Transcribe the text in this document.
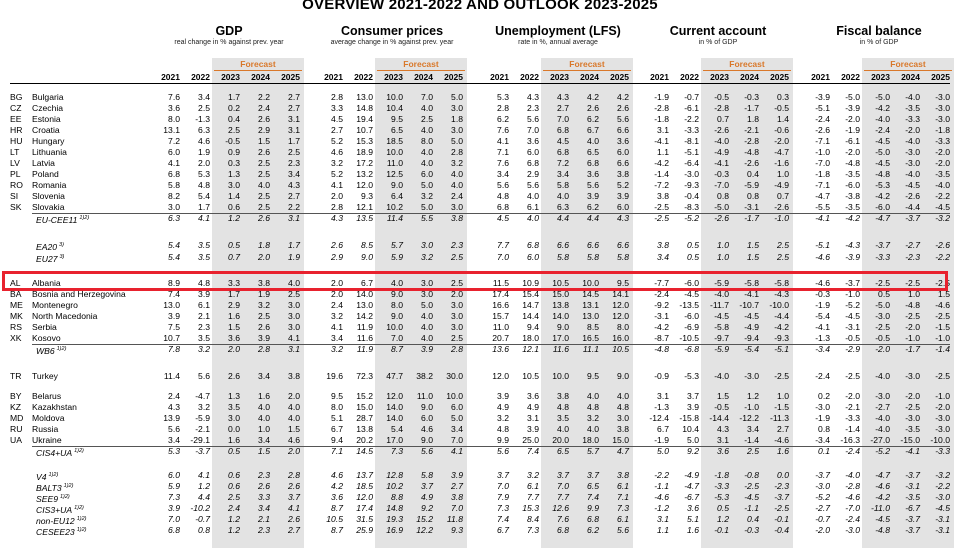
OVERVIEW 2021-2022 AND OUTLOOK 2023-2025
GDP
real change in % against prev. year
Forecast
2021	2022	2023	2024	2025
Consumer prices
average change in % against prev. year
Forecast
2021	2022	2023	2024	2025
Unemployment (LFS)
rate in %, annual average
Forecast
2021	2022	2023	2024	2025
Current account
in % of GDP
Forecast
2021	2022	2023	2024	2025
Fiscal balance
in % of GDP
Forecast
2021	2022	2023	2024	2025
BG	Bulgaria	7.6	3.4	1.7	2.2	2.7	2.8	13.0	10.0	7.0	5.0	5.3	4.3	4.3	4.2	4.2	-1.9	-0.7	-0.5	-0.3	0.3	-3.9	-5.0	-5.0	-4.0	-3.0
CZ	Czechia	3.6	2.5	0.2	2.4	2.7	3.3	14.8	10.4	4.0	3.0	2.8	2.3	2.7	2.6	2.6	-2.8	-6.1	-2.8	-1.7	-0.5	-5.1	-3.9	-4.2	-3.5	-3.0
EE	Estonia	8.0	-1.3	0.4	2.6	3.1	4.5	19.4	9.5	2.5	1.8	6.2	5.6	7.0	6.2	5.6	-1.8	-2.2	0.7	1.8	1.4	-2.4	-2.0	-4.0	-3.3	-3.0
HR	Croatia	13.1	6.3	2.5	2.9	3.1	2.7	10.7	6.5	4.0	3.0	7.6	7.0	6.8	6.7	6.6	3.1	-3.3	-2.6	-2.1	-0.6	-2.6	-1.9	-2.4	-2.0	-1.8
HU	Hungary	7.2	4.6	-0.5	1.5	1.7	5.2	15.3	18.5	8.0	5.0	4.1	3.6	4.5	4.0	3.6	-4.1	-8.1	-4.0	-2.8	-2.0	-7.1	-6.1	-4.5	-4.0	-3.3
LT	Lithuania	6.0	1.9	0.9	2.6	2.5	4.6	18.9	10.0	4.0	2.8	7.1	6.0	6.8	6.5	6.0	1.1	-5.1	-4.9	-4.8	-4.7	-1.0	-2.0	-5.0	-3.0	-2.0
LV	Latvia	4.1	2.0	0.3	2.5	2.3	3.2	17.2	11.0	4.0	3.2	7.6	6.8	7.2	6.8	6.6	-4.2	-6.4	-4.1	-2.6	-1.6	-7.0	-4.8	-4.5	-3.0	-2.0
PL	Poland	6.8	5.3	1.3	2.5	3.4	5.2	13.2	12.5	6.0	4.0	3.4	2.9	3.4	3.6	3.8	-1.4	-3.0	-0.3	0.4	1.0	-1.8	-3.5	-4.8	-4.0	-3.5
RO	Romania	5.8	4.8	3.0	4.0	4.3	4.1	12.0	9.0	5.0	4.0	5.6	5.6	5.8	5.6	5.2	-7.2	-9.3	-7.0	-5.9	-4.9	-7.1	-6.0	-5.3	-4.5	-4.0
SI	Slovenia	8.2	5.4	1.4	2.5	2.7	2.0	9.3	6.4	3.2	2.4	4.8	4.0	4.0	3.9	3.9	3.8	-0.4	0.8	0.8	0.7	-4.7	-3.8	-4.2	-2.6	-2.2
SK	Slovakia	3.0	1.7	0.6	2.5	2.2	2.8	12.1	10.2	5.0	3.0	6.8	6.1	6.3	6.2	6.0	-2.5	-8.3	-5.0	-3.1	-2.6	-5.5	-3.5	-6.0	-4.4	-4.5
EU-CEE11 $^{1)2)}$	6.3	4.1	1.2	2.6	3.1	4.3	13.5	11.4	5.5	3.8	4.5	4.0	4.4	4.4	4.3	-2.5	-5.2	-2.6	-1.7	-1.0	-4.1	-4.2	-4.7	-3.7	-3.2
EA20 $^{3)}$	5.4	3.5	0.5	1.8	1.7	2.6	8.5	5.7	3.0	2.3	7.7	6.8	6.6	6.6	6.6	3.8	0.5	1.0	1.5	2.5	-5.1	-4.3	-3.7	-2.7	-2.6
EU27 $^{3)}$	5.4	3.5	0.7	2.0	1.9	2.9	9.0	5.9	3.2	2.5	7.0	6.0	5.8	5.8	5.8	3.4	0.5	1.0	1.5	2.5	-4.6	-3.9	-3.3	-2.3	-2.2
AL	Albania	8.9	4.8	3.3	3.8	4.0	2.0	6.7	4.0	3.0	2.5	11.5	10.9	10.5	10.0	9.5	-7.7	-6.0	-5.9	-5.8	-5.8	-4.6	-3.7	-2.5	-2.5	-2.5
BA	Bosnia and Herzegovina	7.4	3.9	1.7	1.9	2.5	2.0	14.0	9.0	3.0	2.0	17.4	15.4	15.0	14.5	14.1	-2.4	-4.5	-4.0	-4.1	-4.3	-0.3	-1.0	0.5	1.0	1.5
ME	Montenegro	13.0	6.1	2.9	3.2	3.0	2.4	13.0	8.0	5.0	3.0	16.6	14.7	13.8	13.1	12.0	-9.2	-13.5	-11.7	-10.7	-10.0	-1.9	-5.2	-5.0	-4.8	-4.6
MK	North Macedonia	3.9	2.1	1.6	2.5	3.0	3.2	14.2	9.0	4.0	3.0	15.7	14.4	14.0	13.0	12.0	-3.1	-6.0	-4.5	-4.5	-4.4	-5.4	-4.5	-3.0	-2.5	-2.5
RS	Serbia	7.5	2.3	1.5	2.6	3.0	4.1	11.9	10.0	4.0	3.0	11.0	9.4	9.0	8.5	8.0	-4.2	-6.9	-5.8	-4.9	-4.2	-4.1	-3.1	-2.5	-2.0	-1.5
XK	Kosovo	10.7	3.5	3.6	3.9	4.1	3.4	11.6	7.0	4.0	2.5	20.7	18.0	17.0	16.5	16.0	-8.7	-10.5	-9.7	-9.4	-9.3	-1.3	-0.5	-0.5	-1.0	-1.0
WB6 $^{1)2)}$	7.8	3.2	2.0	2.8	3.1	3.2	11.9	8.7	3.9	2.8	13.6	12.1	11.6	11.1	10.5	-4.8	-6.8	-5.9	-5.4	-5.1	-3.4	-2.9	-2.0	-1.7	-1.4
TR	Turkey	11.4	5.6	2.6	3.4	3.8	19.6	72.3	47.7	38.2	30.0	12.0	10.5	10.0	9.5	9.0	-0.9	-5.3	-4.0	-3.0	-2.5	-2.4	-2.5	-4.0	-3.0	-2.5
BY	Belarus	2.4	-4.7	1.3	1.6	2.0	9.5	15.2	12.0	11.0	10.0	3.9	3.6	3.8	4.0	4.0	3.1	3.7	1.5	1.2	1.0	0.2	-2.0	-3.0	-2.0	-1.0
KZ	Kazakhstan	4.3	3.2	3.5	4.0	4.0	8.0	15.0	14.0	9.0	6.0	4.9	4.9	4.8	4.8	4.8	-1.3	3.9	-0.5	-1.0	-1.5	-3.0	-2.1	-2.7	-2.5	-2.0
MD	Moldova	13.9	-5.9	3.0	4.0	4.0	5.1	28.7	14.0	6.0	5.0	3.2	3.1	3.5	3.2	3.0	-12.4	-15.8	-14.4	-12.2	-11.3	-1.9	-3.3	-4.0	-3.0	-3.0
RU	Russia	5.6	-2.1	0.0	1.0	1.5	6.7	13.8	5.4	4.6	3.4	4.8	3.9	4.0	4.0	3.8	6.7	10.4	4.3	3.4	2.7	0.8	-1.4	-4.0	-3.5	-3.0
UA	Ukraine	3.4	-29.1	1.6	3.4	4.6	9.4	20.2	17.0	9.0	7.0	9.9	25.0	20.0	18.0	15.0	-1.9	5.0	3.1	-1.4	-4.6	-3.4	-16.3	-27.0	-15.0	-10.0
CIS4+UA $^{1)2)}$	5.3	-3.7	0.5	1.5	2.0	7.1	14.5	7.3	5.6	4.1	5.6	7.4	6.5	5.7	4.7	5.0	9.2	3.6	2.5	1.6	0.1	-2.4	-5.2	-4.1	-3.3
V4 $^{1)2)}$	6.0	4.1	0.6	2.3	2.8	4.6	13.7	12.8	5.8	3.9	3.7	3.2	3.7	3.7	3.8	-2.2	-4.9	-1.8	-0.8	0.0	-3.7	-4.0	-4.7	-3.7	-3.2
BALT3 $^{1)2)}$	5.9	1.2	0.6	2.6	2.6	4.2	18.5	10.2	3.7	2.7	7.0	6.1	7.0	6.5	6.1	-1.1	-4.7	-3.3	-2.5	-2.3	-3.0	-2.8	-4.6	-3.1	-2.2
SEE9 $^{1)2)}$	7.3	4.4	2.5	3.3	3.7	3.6	12.0	8.8	4.9	3.8	7.9	7.7	7.7	7.4	7.1	-4.6	-6.7	-5.3	-4.5	-3.7	-5.2	-4.6	-4.2	-3.5	-3.0
CIS3+UA $^{1)2)}$	3.9	-10.2	2.4	3.4	4.1	8.7	17.4	14.8	9.2	7.0	7.3	15.3	12.6	9.9	7.3	-1.2	3.6	0.5	-1.1	-2.5	-2.7	-7.0	-11.0	-6.7	-4.5
non-EU12 $^{1)2)}$	7.0	-0.7	1.2	2.1	2.6	10.5	31.5	19.3	15.2	11.8	7.4	8.4	7.6	6.8	6.1	3.1	5.1	1.2	0.4	-0.1	-0.7	-2.4	-4.5	-3.7	-3.1
CESEE23 $^{1)2)}$	6.8	0.8	1.2	2.3	2.7	8.7	25.9	16.9	12.2	9.3	6.7	7.3	6.8	6.2	5.6	1.1	1.6	-0.1	-0.3	-0.4	-2.0	-3.0	-4.8	-3.7	-3.1
